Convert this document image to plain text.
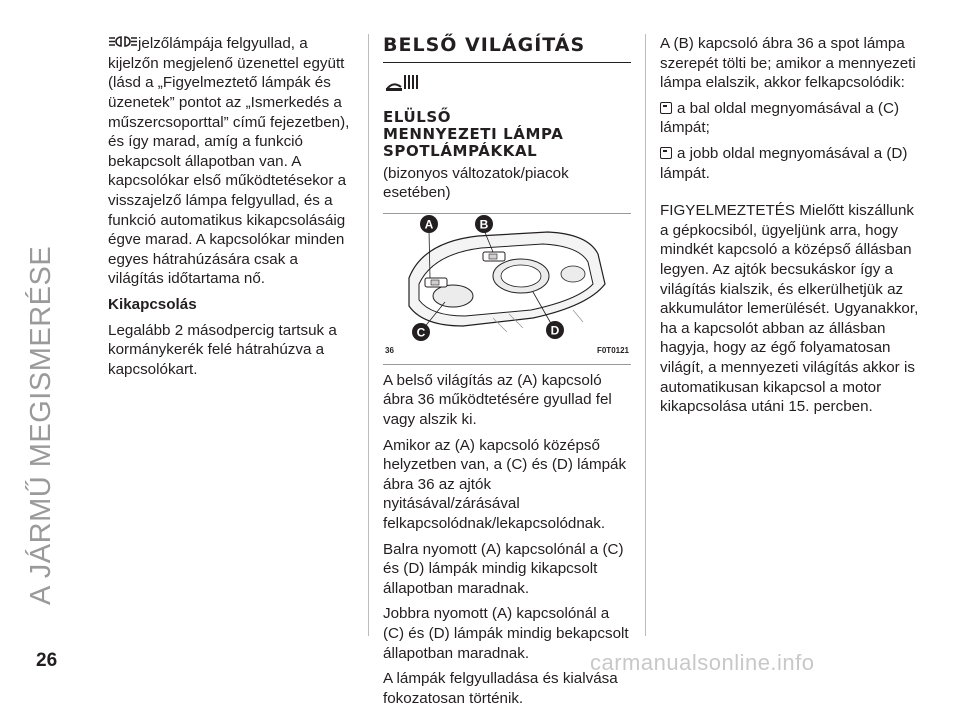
A JÁRMŰ MEGISMERÉSE

jelzőlámpája felgyullad, a kijelzőn megjelenő üzenettel együtt (lásd a „Figyelmeztető lámpák és üzenetek” pontot az „Ismerkedés a műszercsoporttal” című fejezetben), és így marad, amíg a funkció bekapcsolt állapotban van. A kapcsolókar első működtetésekor a visszajelző lámpa felgyullad, és a funkció automatikus kikapcsolásáig égve marad. A kapcsolókar minden egyes hátrahúzására csak a világítás időtartama nő.

Kikapcsolás

Legalább 2 másodpercig tartsuk a kormánykerék felé hátrahúzva a kapcsolókart.

BELSŐ VILÁGÍTÁS
ELÜLSŐ
MENNYEZETI LÁMPA
SPOTLÁMPÁKKAL

(bizonyos változatok/piacok esetében)

A	B
C	D
36	F0T0121

A belső világítás az (A) kapcsoló ábra 36 működtetésére gyullad fel vagy alszik ki.

Amikor az (A) kapcsoló középső helyzetben van, a (C) és (D) lámpák ábra 36 az ajtók nyitásával/zárásával felkapcsolódnak/lekapcsolódnak.

Balra nyomott (A) kapcsolónál a (C) és (D) lámpák mindig kikapcsolt állapotban maradnak.

Jobbra nyomott (A) kapcsolónál a (C) és (D) lámpák mindig bekapcsolt állapotban maradnak.

A lámpák felgyulladása és kialvása fokozatosan történik.

A (B) kapcsoló ábra 36 a spot lámpa szerepét tölti be; amikor a mennyezeti lámpa elalszik, akkor felkapcsolódik:

a bal oldal megnyomásával a (C) lámpát;

a jobb oldal megnyomásával a (D) lámpát.

FIGYELMEZTETÉS Mielőtt kiszállunk a gépkocsiból, ügyeljünk arra, hogy mindkét kapcsoló a középső állásban legyen. Az ajtók becsukáskor így a világítás kialszik, és elkerülhetjük az akkumulátor lemerülését. Ugyanakkor, ha a kapcsolót abban az állásban hagyja, hogy az égő folyamatosan világít, a mennyezeti világítás akkor is automatikusan kikapcsol a motor kikapcsolása utáni 15. percben.

26	carmanualsonline.info
